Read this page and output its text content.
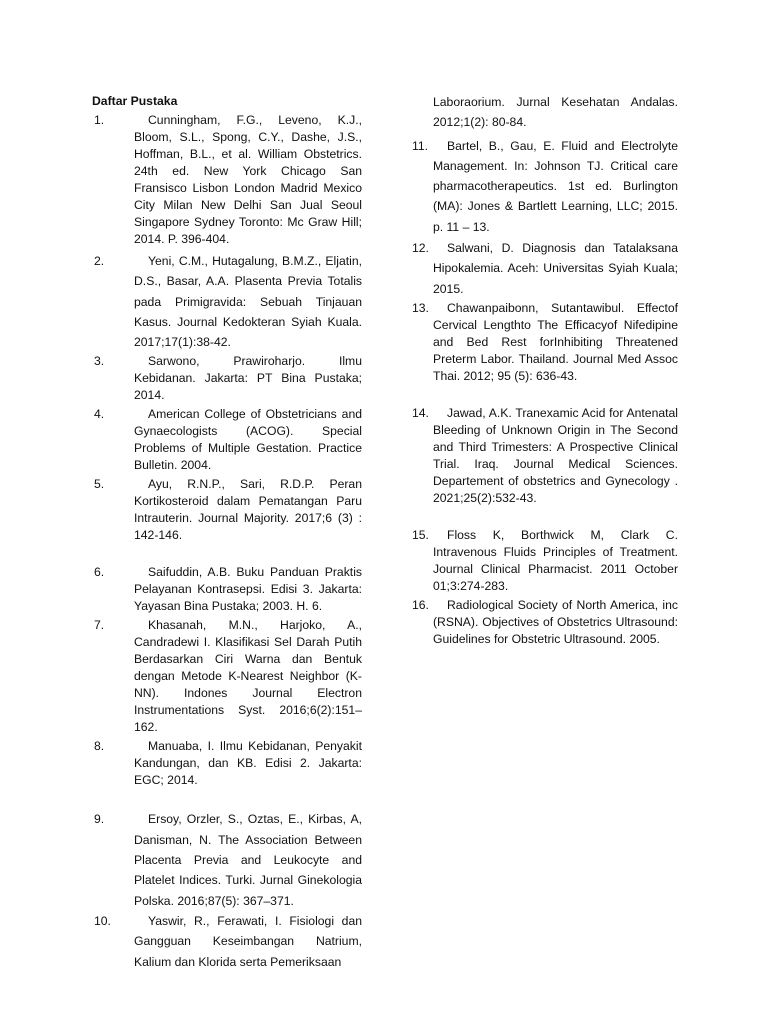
Daftar Pustaka
1.	Cunningham, F.G., Leveno, K.J., Bloom, S.L., Spong, C.Y., Dashe, J.S., Hoffman, B.L., et al. William Obstetrics. 24th ed. New York Chicago San Fransisco Lisbon London Madrid Mexico City Milan New Delhi San Jual Seoul Singapore Sydney Toronto: Mc Graw Hill; 2014. P. 396-404.
2.	Yeni, C.M., Hutagalung, B.M.Z., Eljatin, D.S., Basar, A.A. Plasenta Previa Totalis pada Primigravida: Sebuah Tinjauan Kasus. Journal Kedokteran Syiah Kuala. 2017;17(1):38-42.
3.	Sarwono, Prawiroharjo. Ilmu Kebidanan. Jakarta: PT Bina Pustaka; 2014.
4.	American College of Obstetricians and Gynaecologists (ACOG). Special Problems of Multiple Gestation. Practice Bulletin. 2004.
5.	Ayu, R.N.P., Sari, R.D.P. Peran Kortikosteroid dalam Pematangan Paru Intrauterin. Journal Majority. 2017;6 (3) : 142-146.
6.	Saifuddin, A.B. Buku Panduan Praktis Pelayanan Kontrasepsi. Edisi 3. Jakarta: Yayasan Bina Pustaka; 2003. H. 6.
7.	Khasanah, M.N., Harjoko, A., Candradewi I. Klasifikasi Sel Darah Putih Berdasarkan Ciri Warna dan Bentuk dengan Metode K-Nearest Neighbor (K-NN). Indones Journal Electron Instrumentations Syst. 2016;6(2):151–162.
8.	Manuaba, I. Ilmu Kebidanan, Penyakit Kandungan, dan KB. Edisi 2. Jakarta: EGC; 2014.
9.	Ersoy, Orzler, S., Oztas, E., Kirbas, A, Danisman, N. The Association Between Placenta Previa and Leukocyte and Platelet Indices. Turki. Jurnal Ginekologia Polska. 2016;87(5): 367–371.
10.	Yaswir, R., Ferawati, I. Fisiologi dan Gangguan Keseimbangan Natrium, Kalium dan Klorida serta Pemeriksaan
Laboraorium. Jurnal Kesehatan Andalas. 2012;1(2): 80-84.
11.	Bartel, B., Gau, E. Fluid and Electrolyte Management. In: Johnson TJ. Critical care pharmacotherapeutics. 1st ed. Burlington (MA): Jones & Bartlett Learning, LLC; 2015. p. 11 – 13.
12.	Salwani, D. Diagnosis dan Tatalaksana Hipokalemia. Aceh: Universitas Syiah Kuala; 2015.
13.	Chawanpaibonn, Sutantawibul. Effectof Cervical Lengthto The Efficacyof Nifedipine and Bed Rest forInhibiting Threatened Preterm Labor. Thailand. Journal Med Assoc Thai. 2012; 95 (5): 636-43.
14.	Jawad, A.K. Tranexamic Acid for Antenatal Bleeding of Unknown Origin in The Second and Third Trimesters: A Prospective Clinical Trial. Iraq. Journal Medical Sciences. Departement of obstetrics and Gynecology . 2021;25(2):532-43.
15.	Floss K, Borthwick M, Clark C. Intravenous Fluids Principles of Treatment. Journal Clinical Pharmacist. 2011 October 01;3:274-283.
16.	Radiological Society of North America, inc (RSNA). Objectives of Obstetrics Ultrasound: Guidelines for Obstetric Ultrasound. 2005.
